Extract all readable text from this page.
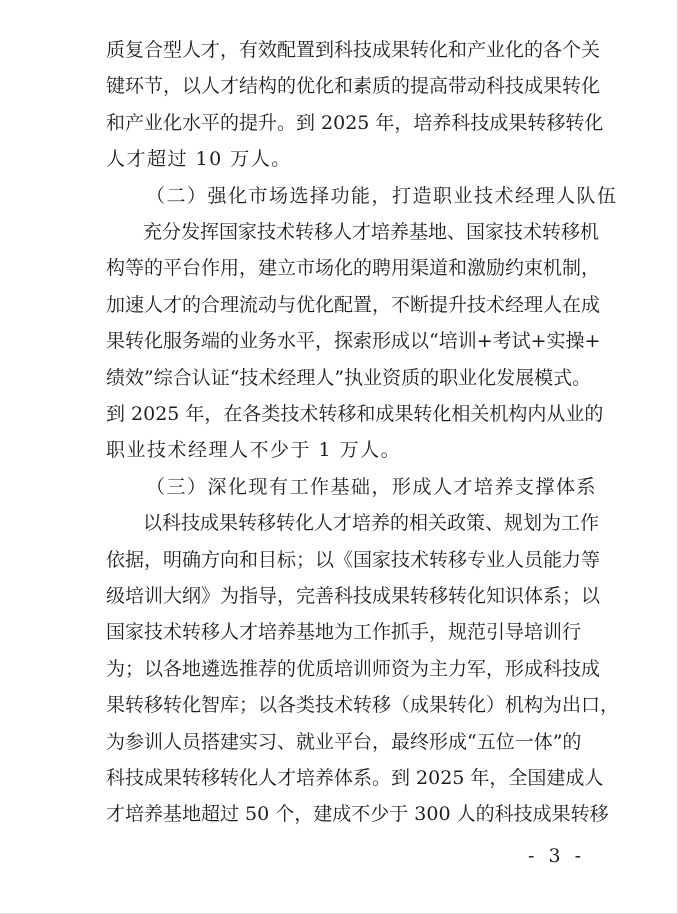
质复合型人才，有效配置到科技成果转化和产业化的各个关
键环节，以人才结构的优化和素质的提高带动科技成果转化
和产业化水平的提升。到 2025 年，培养科技成果转移转化
人才超过 10 万人。
（二）强化市场选择功能，打造职业技术经理人队伍
充分发挥国家技术转移人才培养基地、国家技术转移机
构等的平台作用，建立市场化的聘用渠道和激励约束机制，
加速人才的合理流动与优化配置，不断提升技术经理人在成
果转化服务端的业务水平，探索形成以“培训+考试+实操+
绩效”综合认证“技术经理人”执业资质的职业化发展模式。
到 2025 年，在各类技术转移和成果转化相关机构内从业的
职业技术经理人不少于 1 万人。
（三）深化现有工作基础，形成人才培养支撑体系
以科技成果转移转化人才培养的相关政策、规划为工作
依据，明确方向和目标；以《国家技术转移专业人员能力等
级培训大纲》为指导，完善科技成果转移转化知识体系；以
国家技术转移人才培养基地为工作抓手，规范引导培训行
为；以各地遴选推荐的优质培训师资为主力军，形成科技成
果转移转化智库；以各类技术转移（成果转化）机构为出口，
为参训人员搭建实习、就业平台，最终形成“五位一体”的
科技成果转移转化人才培养体系。到 2025 年，全国建成人
才培养基地超过 50 个，建成不少于 300 人的科技成果转移
- 3 -
